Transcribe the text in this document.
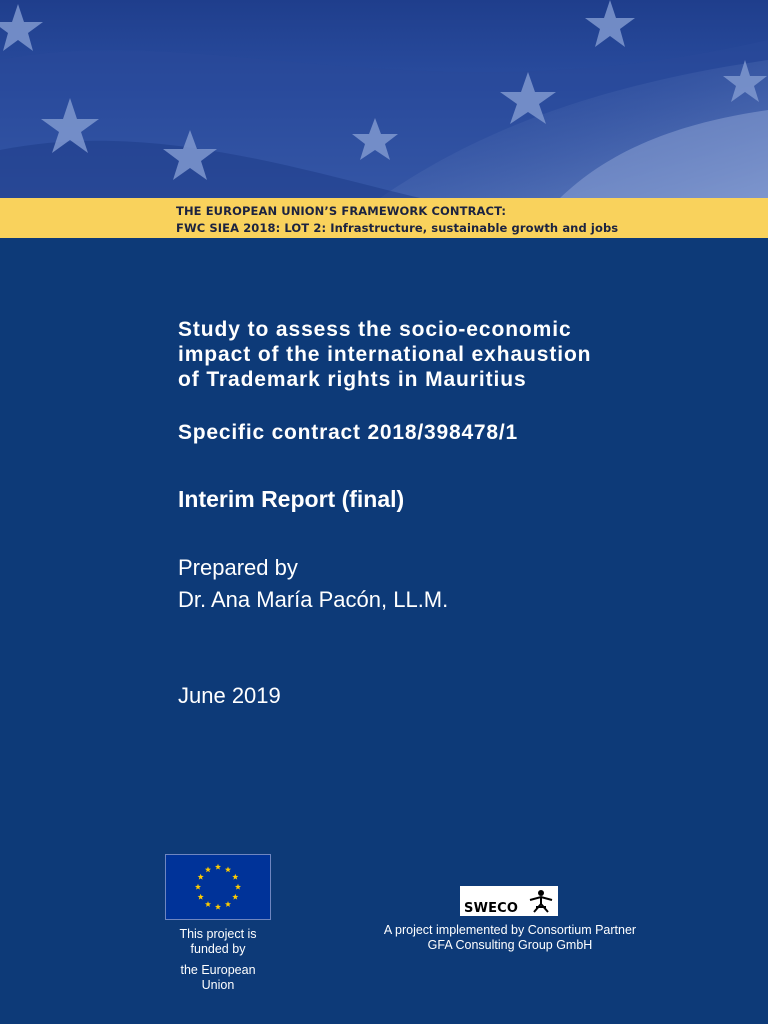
THE EUROPEAN UNION’S FRAMEWORK CONTRACT:
FWC SIEA 2018: LOT 2: Infrastructure, sustainable growth and jobs
Study to assess the socio-economic
impact of the international exhaustion
of Trademark rights in Mauritius
Specific contract 2018/398478/1
Interim Report (final)
Prepared by
Dr. Ana María Pacón, LL.M.
June 2019
This project is
funded by
the European
Union
SWECO
A project implemented by Consortium Partner
GFA Consulting Group GmbH
